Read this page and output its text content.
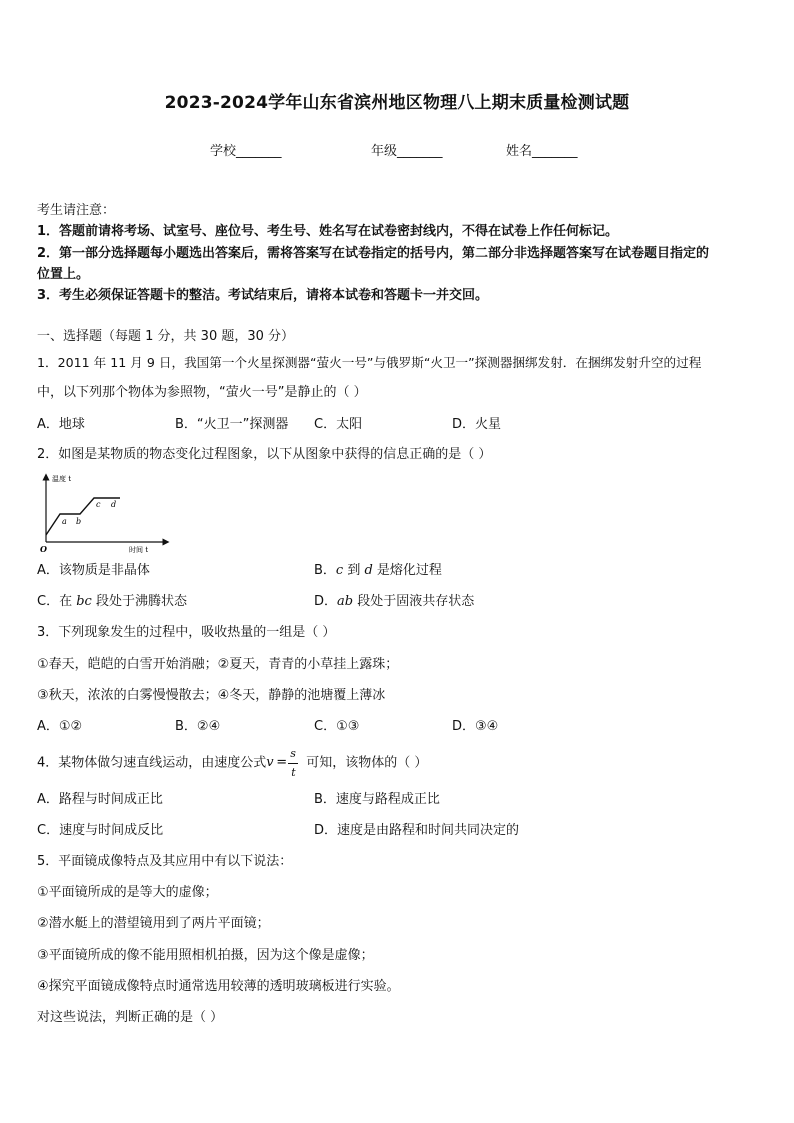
2023-2024学年山东省滨州地区物理八上期末质量检测试题
学校_______	年级_______	姓名_______
考生请注意：
1．答题前请将考场、试室号、座位号、考生号、姓名写在试卷密封线内，不得在试卷上作任何标记。
2．第一部分选择题每小题选出答案后，需将答案写在试卷指定的括号内，第二部分非选择题答案写在试卷题目指定的
位置上。
3．考生必须保证答题卡的整洁。考试结束后，请将本试卷和答题卡一并交回。
一、选择题（每题 1 分，共 30 题，30 分）
1．2011 年 11 月 9 日，我国第一个火星探测器“萤火一号”与俄罗斯“火卫一”探测器捆绑发射．在捆绑发射升空的过程
中，以下列那个物体为参照物，“萤火一号”是静止的（ ）
A．地球	B．“火卫一”探测器 C．太阳	D．火星
2．如图是某物质的物态变化过程图象，以下从图象中获得的信息正确的是（ ）
温度 t
时间 t
O
a b
c d
A．该物质是非晶体	B．c 到 d 是熔化过程
C．在 bc 段处于沸腾状态	D．ab 段处于固液共存状态
3．下列现象发生的过程中，吸收热量的一组是（ ）
①春天，皑皑的白雪开始消融；②夏天，青青的小草挂上露珠；
③秋天，浓浓的白雾慢慢散去；④冬天，静静的池塘覆上薄冰
A．①②	B．②④	C．①③	D．③④
4．某物体做匀速直线运动，由速度公式 v =
s
t
可知，该物体的（ ）
A．路程与时间成正比	B．速度与路程成正比
C．速度与时间成反比	D．速度是由路程和时间共同决定的
5．平面镜成像特点及其应用中有以下说法：
①平面镜所成的是等大的虚像；
②潜水艇上的潜望镜用到了两片平面镜；
③平面镜所成的像不能用照相机拍摄，因为这个像是虚像；
④探究平面镜成像特点时通常选用较薄的透明玻璃板进行实验。
对这些说法，判断正确的是（ ）
